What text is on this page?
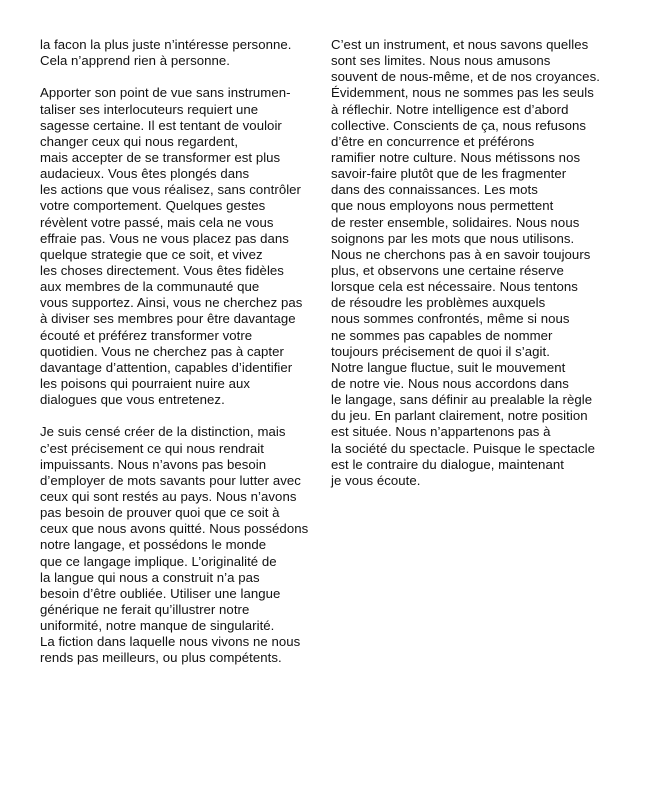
la facon la plus juste n’intéresse personne.
Cela n’apprend rien à personne.
Apporter son point de vue sans instrumen-
taliser ses interlocuteurs requiert une
sagesse certaine. Il est tentant de vouloir
changer ceux qui nous regardent,
mais accepter de se transformer est plus
audacieux. Vous êtes plongés dans
les actions que vous réalisez, sans contrôler
votre comportement. Quelques gestes
révèlent votre passé, mais cela ne vous
effraie pas. Vous ne vous placez pas dans
quelque strategie que ce soit, et vivez
les choses directement. Vous êtes fidèles
aux membres de la communauté que
vous supportez. Ainsi, vous ne cherchez pas
à diviser ses membres pour être davantage
écouté et préférez transformer votre
quotidien. Vous ne cherchez pas à capter
davantage d’attention, capables d’identifier
les poisons qui pourraient nuire aux
dialogues que vous entretenez.
Je suis censé créer de la distinction, mais
c’est précisement ce qui nous rendrait
impuissants. Nous n’avons pas besoin
d’employer de mots savants pour lutter avec
ceux qui sont restés au pays. Nous n’avons
pas besoin de prouver quoi que ce soit à
ceux que nous avons quitté. Nous possédons
notre langage, et possédons le monde
que ce langage implique. L’originalité de
la langue qui nous a construit n’a pas
besoin d’être oubliée. Utiliser une langue
générique ne ferait qu’illustrer notre
uniformité, notre manque de singularité.
La fiction dans laquelle nous vivons ne nous
rends pas meilleurs, ou plus compétents.
C’est un instrument, et nous savons quelles
sont ses limites. Nous nous amusons
souvent de nous-même, et de nos croyances.
Évidemment, nous ne sommes pas les seuls
à réflechir. Notre intelligence est d’abord
collective. Conscients de ça, nous refusons
d’être en concurrence et préférons
ramifier notre culture. Nous métissons nos
savoir-faire plutôt que de les fragmenter
dans des connaissances. Les mots
que nous employons nous permettent
de rester ensemble, solidaires. Nous nous
soignons par les mots que nous utilisons.
Nous ne cherchons pas à en savoir toujours
plus, et observons une certaine réserve
lorsque cela est nécessaire. Nous tentons
de résoudre les problèmes auxquels
nous sommes confrontés, même si nous
ne sommes pas capables de nommer
toujours précisement de quoi il s’agit.
Notre langue fluctue, suit le mouvement
de notre vie. Nous nous accordons dans
le langage, sans définir au prealable la règle
du jeu. En parlant clairement, notre position
est située. Nous n’appartenons pas à
la société du spectacle. Puisque le spectacle
est le contraire du dialogue, maintenant
je vous écoute.
